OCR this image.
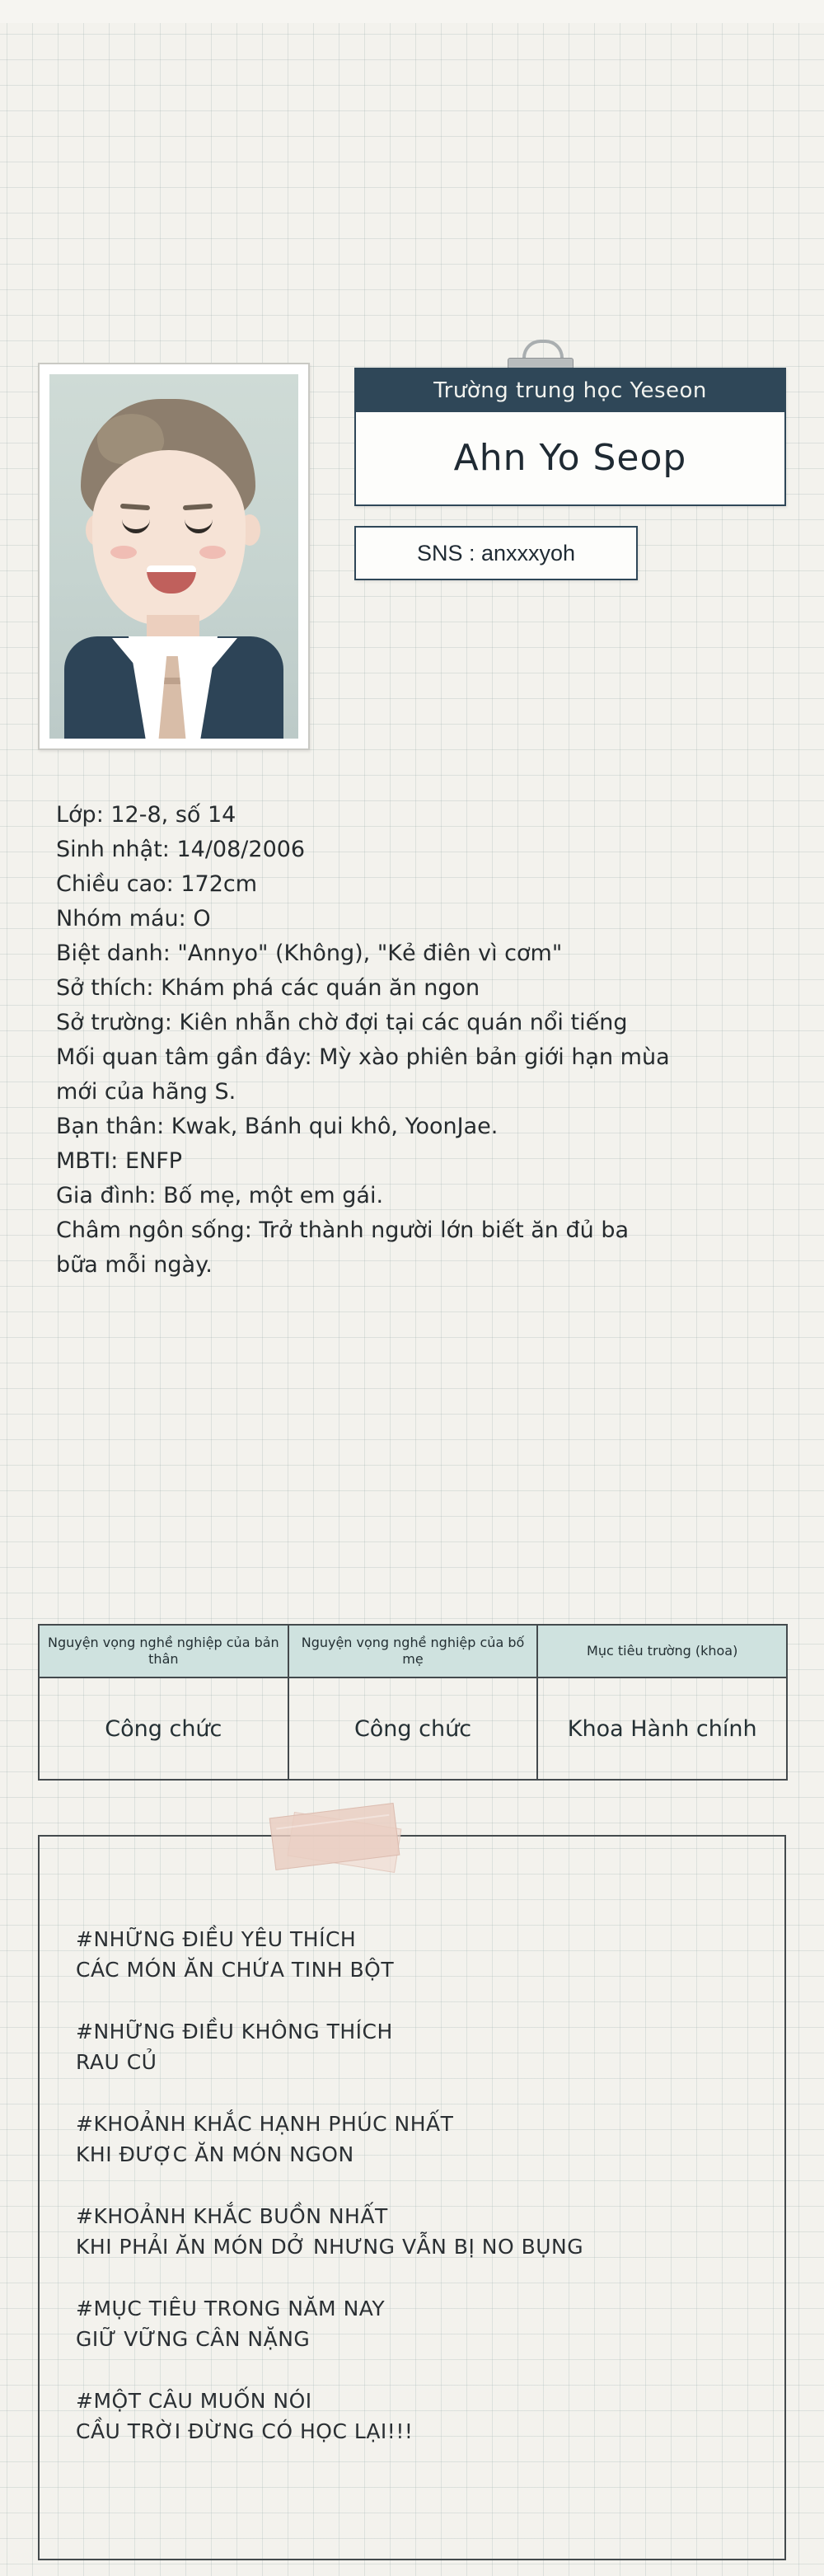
Trường trung học Yeseon
Ahn Yo Seop
SNS : anxxxyoh
Lớp: 12-8, số 14
Sinh nhật: 14/08/2006
Chiều cao: 172cm
Nhóm máu: O
Biệt danh: "Annyo" (Không), "Kẻ điên vì cơm"
Sở thích: Khám phá các quán ăn ngon
Sở trường: Kiên nhẫn chờ đợi tại các quán nổi tiếng
Mối quan tâm gần đây: Mỳ xào phiên bản giới hạn mùa
mới của hãng S.
Bạn thân: Kwak, Bánh qui khô, YoonJae.
MBTI: ENFP
Gia đình: Bố mẹ, một em gái.
Châm ngôn sống: Trở thành người lớn biết ăn đủ ba
bữa mỗi ngày.
Nguyện vọng nghề nghiệp của bản thân
Công chức
Nguyện vọng nghề nghiệp của bố mẹ
Công chức
Mục tiêu trường (khoa)
Khoa Hành chính
#NHỮNG ĐIỀU YÊU THÍCH
CÁC MÓN ĂN CHỨA TINH BỘT
#NHỮNG ĐIỀU KHÔNG THÍCH
RAU CỦ
#KHOẢNH KHẮC HẠNH PHÚC NHẤT
KHI ĐƯỢC ĂN MÓN NGON
#KHOẢNH KHẮC BUỒN NHẤT
KHI PHẢI ĂN MÓN DỞ NHƯNG VẪN BỊ NO BỤNG
#MỤC TIÊU TRONG NĂM NAY
GIỮ VỮNG CÂN NẶNG
#MỘT CÂU MUỐN NÓI
CẦU TRỜI ĐỪNG CÓ HỌC LẠI!!!
